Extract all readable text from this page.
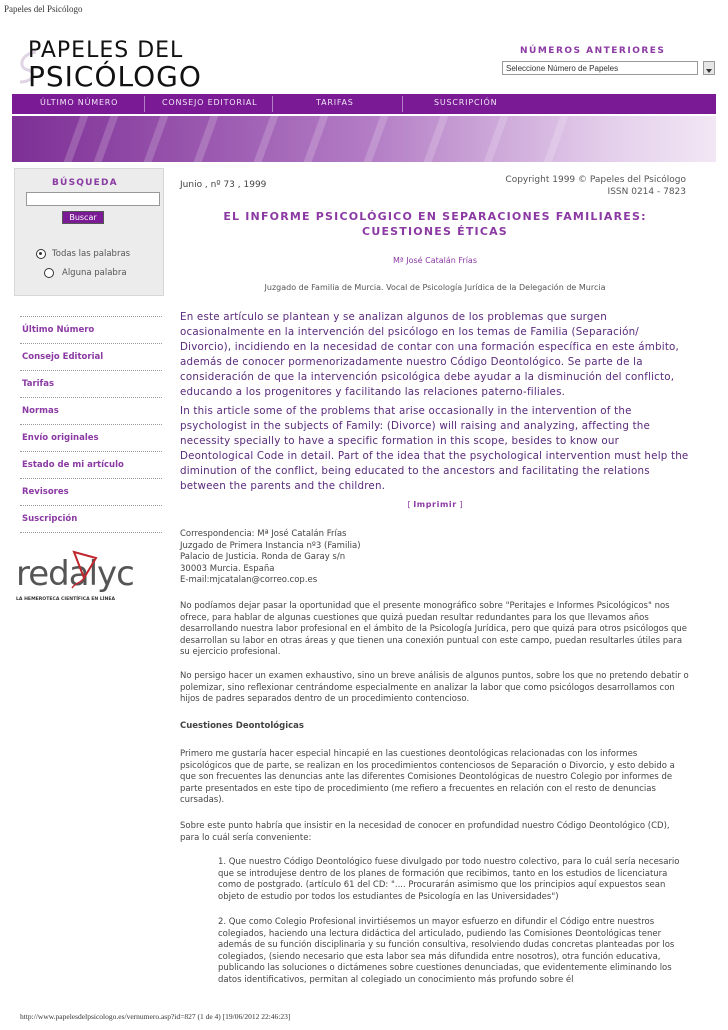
Papeles del Psicólogo
http://www.papelesdelpsicologo.es/vernumero.asp?id=827 (1 de 4) [19/06/2012 22:46:23]
PAPELES DEL
PSICÓLOGO
NÚMEROS ANTERIORES
Seleccione Número de Papeles
ÚLTIMO NÚMERO	CONSEJO EDITORIAL	TARIFAS	SUSCRIPCIÓN
BÚSQUEDA
Buscar
Todas las palabras
Alguna palabra
Último Número
Consejo Editorial
Tarifas
Normas
Envío originales
Estado de mi artículo
Revisores
Suscripción
redalyc
LA HEMEROTECA CIENTÍFICA EN LÍNEA
Junio , nº 73 , 1999	Copyright 1999 © Papeles del Psicólogo
ISSN 0214 - 7823
EL INFORME PSICOLÓGICO EN SEPARACIONES FAMILIARES: CUESTIONES ÉTICAS
Mª José Catalán Frías
Juzgado de Familia de Murcia. Vocal de Psicología Jurídica de la Delegación de Murcia
En este artículo se plantean y se analizan algunos de los problemas que surgen ocasionalmente en la intervención del psicólogo en los temas de Familia (Separación/ Divorcio), incidiendo en la necesidad de contar con una formación específica en este ámbito, además de conocer pormenorizadamente nuestro Código Deontológico. Se parte de la consideración de que la intervención psicológica debe ayudar a la disminución del conflicto, educando a los progenitores y facilitando las relaciones paterno-filiales.
In this article some of the problems that arise occasionally in the intervention of the psychologist in the subjects of Family: (Divorce) will raising and analyzing, affecting the necessity specially to have a specific formation in this scope, besides to know our Deontological Code in detail. Part of the idea that the psychological intervention must help the diminution of the conflict, being educated to the ancestors and facilitating the relations between the parents and the children.
[ Imprimir ]
Correspondencia: Mª José Catalán Frías
Juzgado de Primera Instancia nº3 (Familia)
Palacio de Justicia. Ronda de Garay s/n
30003 Murcia. España
E-mail:mjcatalan@correo.cop.es
No podíamos dejar pasar la oportunidad que el presente monográfico sobre "Peritajes e Informes Psicológicos" nos ofrece, para hablar de algunas cuestiones que quizá puedan resultar redundantes para los que llevamos años desarrollando nuestra labor profesional en el ámbito de la Psicología Jurídica, pero que quizá para otros psicólogos que desarrollan su labor en otras áreas y que tienen una conexión puntual con este campo, puedan resultarles útiles para su ejercicio profesional.
No persigo hacer un examen exhaustivo, sino un breve análisis de algunos puntos, sobre los que no pretendo debatir o polemizar, sino reflexionar centrándome especialmente en analizar la labor que como psicólogos desarrollamos con hijos de padres separados dentro de un procedimiento contencioso.
Cuestiones Deontológicas
Primero me gustaría hacer especial hincapié en las cuestiones deontológicas relacionadas con los informes psicológicos que de parte, se realizan en los procedimientos contenciosos de Separación o Divorcio, y esto debido a que son frecuentes las denuncias ante las diferentes Comisiones Deontológicas de nuestro Colegio por informes de parte presentados en este tipo de procedimiento (me refiero a frecuentes en relación con el resto de denuncias cursadas).
Sobre este punto habría que insistir en la necesidad de conocer en profundidad nuestro Código Deontológico (CD), para lo cuál sería conveniente:
1. Que nuestro Código Deontológico fuese divulgado por todo nuestro colectivo, para lo cuál sería necesario que se introdujese dentro de los planes de formación que recibimos, tanto en los estudios de licenciatura como de postgrado. (artículo 61 del CD: ".... Procurarán asimismo que los principios aquí expuestos sean objeto de estudio por todos los estudiantes de Psicología en las Universidades")
2. Que como Colegio Profesional invirtiésemos un mayor esfuerzo en difundir el Código entre nuestros colegiados, haciendo una lectura didáctica del articulado, pudiendo las Comisiones Deontológicas tener además de su función disciplinaria y su función consultiva, resolviendo dudas concretas planteadas por los colegiados, (siendo necesario que esta labor sea más difundida entre nosotros), otra función educativa, publicando las soluciones o dictámenes sobre cuestiones denunciadas, que evidentemente eliminando los datos identificativos, permitan al colegiado un conocimiento más profundo sobre él
